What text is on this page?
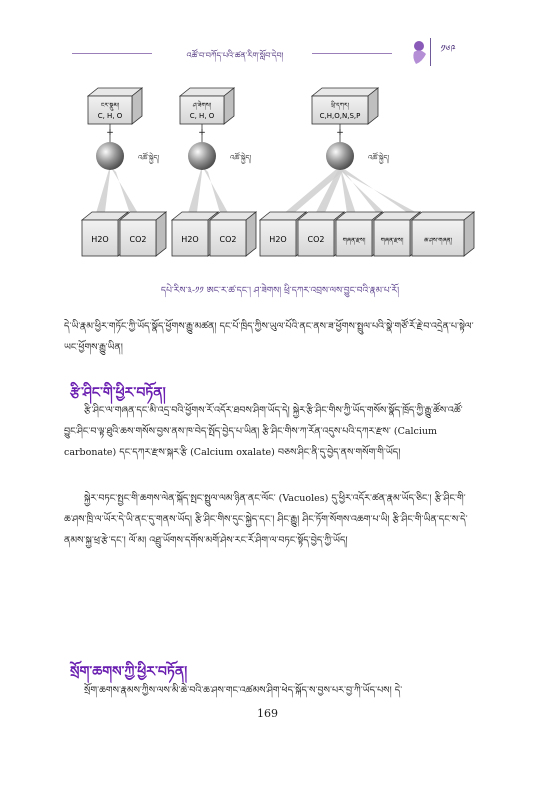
འཚོ་བ་བཀོད་པའི་ཚན་རིག་སློབ་དེབ།
༡༦༩
ངར་སྣུམ།
C, H, O
ཤ་ཟེགས།
C, H, O
ཕྲི་དཀར།
C,H,O,N,S,P
+	+	+
འཚོ་སྐྱེད།	འཚོ་སྐྱེད།	འཚོ་སྐྱེད།
H2O	CO2	H2O	CO2	H2O	CO2	གཞན་རྫས།	གཞན་རྫས།	ཆ་ཤས་གཞན།
དཔེ་རིས་༣-༡༡ ཨང་ར་ཚ་དང་། ཤ་ཟེགས། ཕྲི་དཀར་འབྲས་ལས་བྱུང་བའི་རྣམ་པ་རོ།
དེ་ཡི་རྣམ་ཕྱིར་གཏོང་ཀྱི་ཡོད་སྣོད་ཕྱོགས་རྒྱུ་མཚན། དང་པོ་ཁྲིད་ཀྱིས་ཡུལ་པོའི་ནང་ནས་ཟ་ཕྱོགས་སྤྲུལ་པའི་སྣེ་གཙོ་རོ་རྗེ་བ་འདྲེན་པ་སྟེལ་ཡང་ཕྱོགས་རྒྱུ་ཡིན།
རྩི་ཤིང་གི་ཕྱིར་བཏོན།
རྩི་ཤིང་ལ་གཞན་དང་མི་འདྲ་བའི་ཕྱོགས་རོ་འདོར་ཐབས་ཤིག་ཡོད་དེ། སྐྱེར་རྩི་ཤིང་གིས་ཀྱི་ཡོད་གསོས་སྣོད་ཁྲོད་ཀྱི་རྒྱུ་ཚོས་འཚོ་བྱུང་ཤིང་བ་ལྟ་ཐུའི་ཆས་གསོས་བྱས་ནས་ཁ་བེད་སྤོད་བྱེད་པ་ཡིན། རྩི་ཤིང་གིས་ཀ་རོན་འདུས་པའི་དཀར་རྫས་ (Calcium carbonate) དང་དཀར་རྫས་སྐར་རྩི (Calcium oxalate) བཅས་ཤིང་ནི་དུ་བྱེད་ནས་གསོག་གི་ཡོད།
སྐྱེར་བཏང་སྤྱང་གི་ཆགས་ལེན་སྐོད་སྤང་སྤྲུལ་ལམ་ཉིན་ནང་ལོང་ (Vacuoles) དུ་ཕྱིར་འདོར་ཚན་རྣམ་ཡོད་ཅིང་། རྩི་ཤིང་གི་ཆ་ཤས་ཁྲི་ལ་ཡོར་དེ་ཡི་ནང་དུ་གནས་ཡོད། རྩི་ཤིང་གིས་དུང་སྐྱེད་དང་། ཤིང་རྒྱུ། ཤིང་ཏོག་སོགས་འཆག་པ་ཡི། རྩི་ཤིང་གི་ཡིན་དང་ས་དེ་ནམས་སྐྱ་ཕྲ་རྩེ་དང་། ལོ་མ། འཐྲུ་ཡོགས་དགོས་མགོ་ཤེས་རང་རོ་ཤིག་ལ་བཏང་སྟོད་བྱེད་ཀྱི་ཡོད།
སྲོག་ཆགས་ཀྱི་ཕྱིར་བཏོན།
སྲོག་ཆགས་རྣམས་ཀྱིས་ལས་མི་ཆེ་བའི་ཆ་ཤས་གང་འཚམས་ཤིག་ཕེད་སྐོད་ས་བྱས་པར་བྱ་ཀི་ཡོད་པས། དེ་
169
